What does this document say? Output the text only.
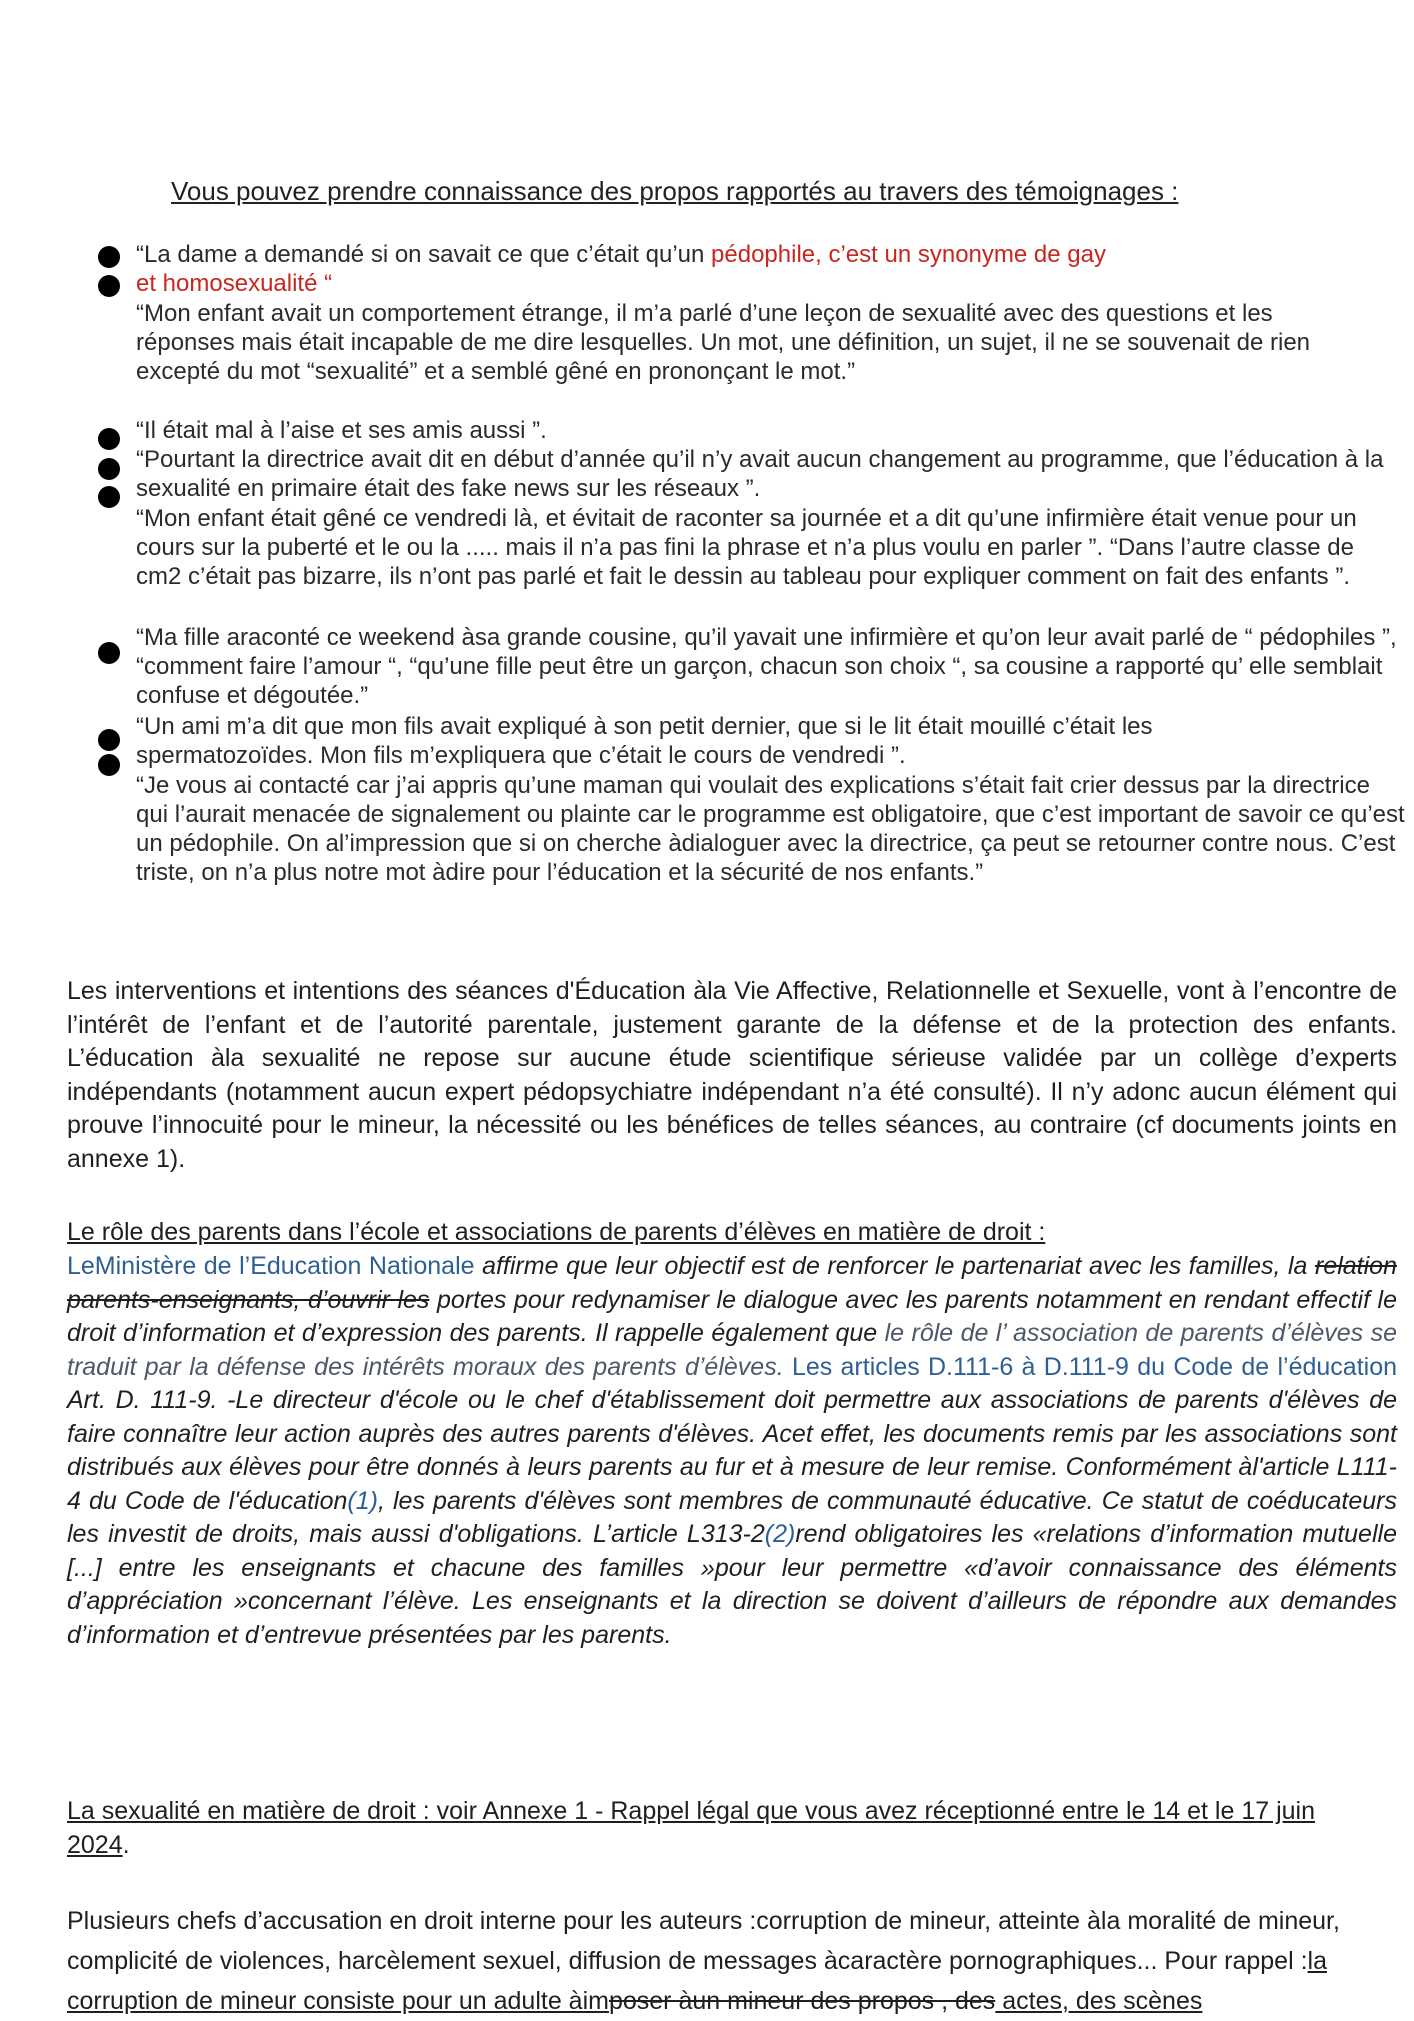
Vous pouvez prendre connaissance des propos rapportés au travers des témoignages :
“La dame a demandé si on savait ce que c’était qu’un pédophile, c’est un synonyme de gay
et homosexualité “
“Mon enfant avait un comportement étrange, il m’a parlé d’une leçon de sexualité avec des questions et les réponses mais était incapable de me dire lesquelles. Un mot, une définition, un sujet, il ne se souvenait de rien excepté du mot “sexualité” et a semblé gêné en prononçant le mot.”
“Il était mal à l’aise et ses amis aussi ”.
“Pourtant la directrice avait dit en début d’année qu’il n’y avait aucun changement au programme, que l’éducation à la sexualité en primaire était des fake news sur les réseaux ”.
“Mon enfant était gêné ce vendredi là, et évitait de raconter sa journée et a dit qu’une infirmière était venue pour un cours sur la puberté et le ou la ..... mais il n’a pas fini la phrase et n’a plus voulu en parler ”. “Dans l’autre classe de cm2 c’était pas bizarre, ils n’ont pas parlé et fait le dessin au tableau pour expliquer comment on fait des enfants ”.
“Ma fille araconté ce weekend àsa grande cousine, qu’il yavait une infirmière et qu’on leur avait parlé de “ pédophiles ”, “comment faire l’amour “, “qu’une fille peut être un garçon, chacun son choix “, sa cousine a rapporté qu’ elle semblait confuse et dégoutée.”
“Un ami m’a dit que mon fils avait expliqué à son petit dernier, que si le lit était mouillé c’était les spermatozoïdes. Mon fils m’expliquera que c’était le cours de vendredi ”.
“Je vous ai contacté car j’ai appris qu’une maman qui voulait des explications s’était fait crier dessus par la directrice qui l’aurait menacée de signalement ou plainte car le programme est obligatoire, que c’est important de savoir ce qu’est un pédophile. On al’impression que si on cherche àdialoguer avec la directrice, ça peut se retourner contre nous. C’est triste, on n’a plus notre mot àdire pour l’éducation et la sécurité de nos enfants.”
Les interventions et intentions des séances d'Éducation àla Vie Affective, Relationnelle et Sexuelle, vont à l’encontre de l’intérêt de l’enfant et de l’autorité parentale, justement garante de la défense et de la protection des enfants. L’éducation àla sexualité ne repose sur aucune étude scientifique sérieuse validée par un collège d’experts indépendants (notamment aucun expert pédopsychiatre indépendant n’a été consulté). Il n’y adonc aucun élément qui prouve l’innocuité pour le mineur, la nécessité ou les bénéfices de telles séances, au contraire (cf documents joints en annexe 1).
Le rôle des parents dans l’école et associations de parents d’élèves en matière de droit :
LeMinistère de l’Education Nationale affirme que leur objectif est de renforcer le partenariat avec les familles, la relation parents-enseignants, d’ouvrir les portes pour redynamiser le dialogue avec les parents notamment en rendant effectif le droit d’information et d’expression des parents. Il rappelle également que le rôle de l’ association de parents d’élèves se traduit par la défense des intérêts moraux des parents d’élèves. Les articles D.111-6 à D.111-9 du Code de l’éducation Art. D. 111-9. -Le directeur d'école ou le chef d'établissement doit permettre aux associations de parents d'élèves de faire connaître leur action auprès des autres parents d'élèves. Acet effet, les documents remis par les associations sont distribués aux élèves pour être donnés à leurs parents au fur et à mesure de leur remise. Conformément àl'article L111-4 du Code de l'éducation(1), les parents d'élèves sont membres de communauté éducative. Ce statut de coéducateurs les investit de droits, mais aussi d'obligations. L’article L313-2(2)rend obligatoires les «relations d’information mutuelle [...] entre les enseignants et chacune des familles »pour leur permettre «d’avoir connaissance des éléments d’appréciation »concernant l’élève. Les enseignants et la direction se doivent d’ailleurs de répondre aux demandes d’information et d’entrevue présentées par les parents.
La sexualité en matière de droit : voir Annexe 1 - Rappel légal que vous avez réceptionné entre le 14 et le 17 juin 2024.
Plusieurs chefs d’accusation en droit interne pour les auteurs :corruption de mineur, atteinte àla moralité de mineur, complicité de violences, harcèlement sexuel, diffusion de messages àcaractère pornographiques... Pour rappel :la corruption de mineur consiste pour un adulte àimposer àun mineur des propos , des actes, des scènes
